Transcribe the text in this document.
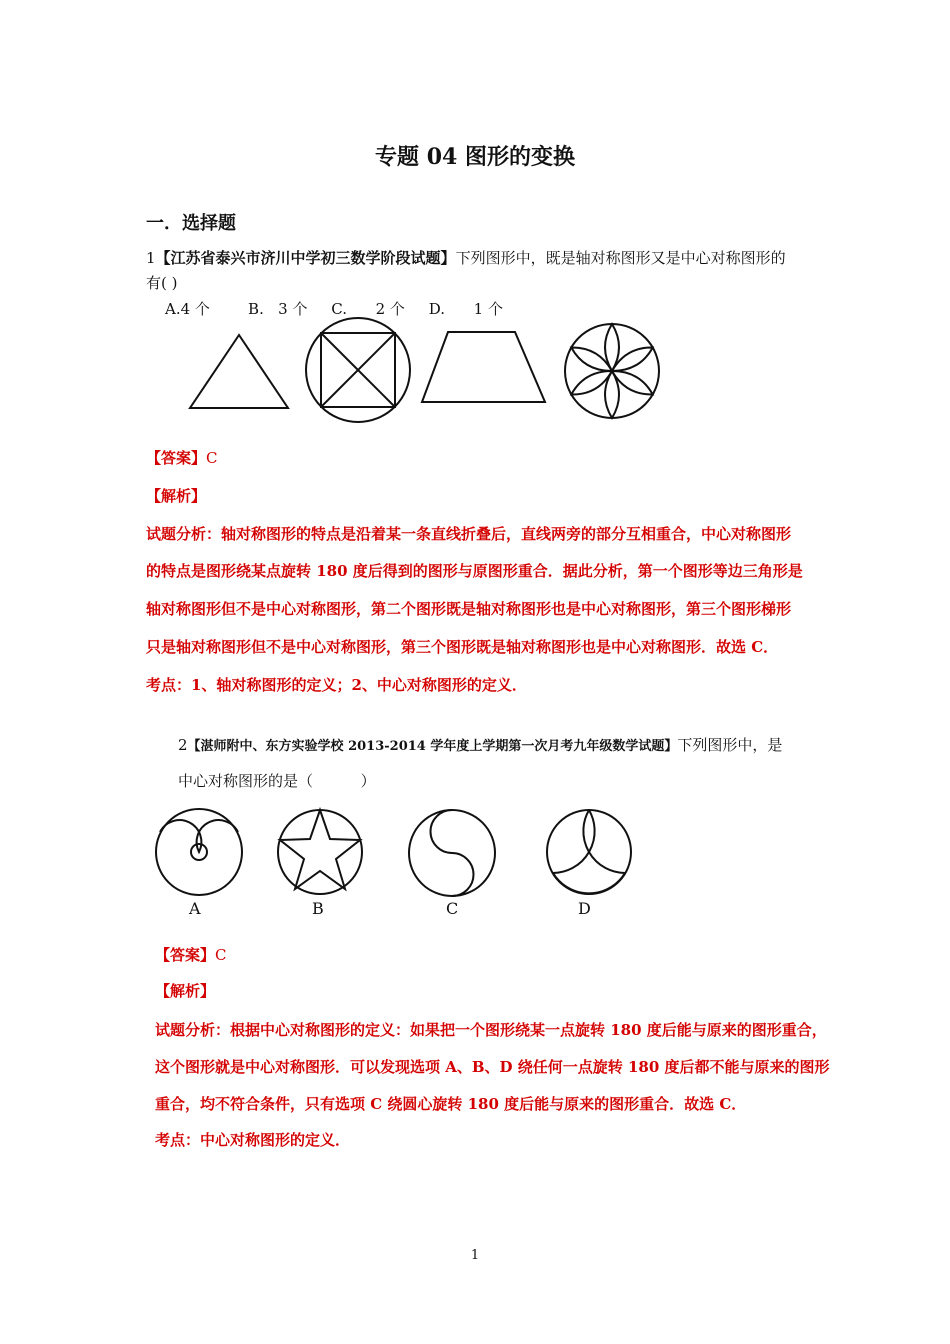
专题 04 图形的变换
一．选择题
1【江苏省泰兴市济川中学初三数学阶段试题】下列图形中，既是轴对称图形又是中心对称图形的
有( )
A.4 个        B.   3 个     C.      2 个     D.      1 个
【答案】C
【解析】
试题分析：轴对称图形的特点是沿着某一条直线折叠后，直线两旁的部分互相重合，中心对称图形
的特点是图形绕某点旋转 180 度后得到的图形与原图形重合．据此分析，第一个图形等边三角形是
轴对称图形但不是中心对称图形，第二个图形既是轴对称图形也是中心对称图形，第三个图形梯形
只是轴对称图形但不是中心对称图形，第三个图形既是轴对称图形也是中心对称图形．故选 C．
考点：1、轴对称图形的定义；2、中心对称图形的定义．
2【湛师附中、东方实验学校 2013-2014 学年度上学期第一次月考九年级数学试题】下列图形中，是
中心对称图形的是（          ）
A	B	C	D
【答案】C
【解析】
试题分析：根据中心对称图形的定义：如果把一个图形绕某一点旋转 180 度后能与原来的图形重合，
这个图形就是中心对称图形．可以发现选项 A、B、D 绕任何一点旋转 180 度后都不能与原来的图形
重合，均不符合条件，只有选项 C 绕圆心旋转 180 度后能与原来的图形重合．故选 C．
考点：中心对称图形的定义．
1
